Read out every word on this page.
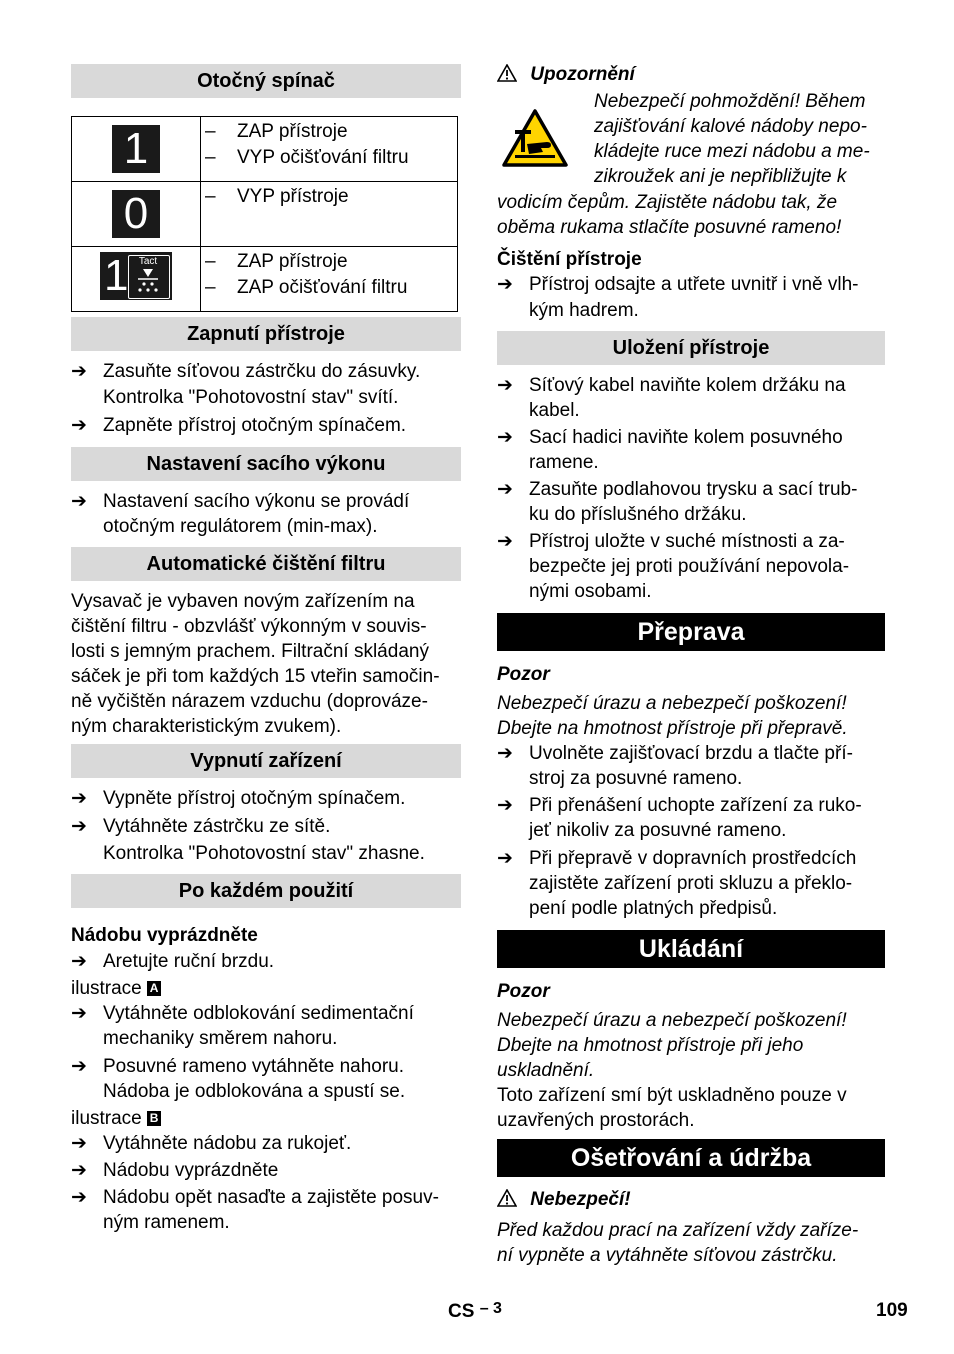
Otočný spínač
1	– ZAP přístroje
– VYP očišťování filtru

0	– VYP přístroje

1 Tact	– ZAP přístroje
– ZAP očišťování filtru
Zapnutí přístroje
➔ Zasuňte síťovou zástrčku do zásuvky.
Kontrolka "Pohotovostní stav" svítí.
➔ Zapněte přístroj otočným spínačem.
Nastavení sacího výkonu
➔ Nastavení sacího výkonu se provádí
otočným regulátorem (min-max).
Automatické čištění filtru
Vysavač je vybaven novým zařízením na
čištění filtru - obzvlášť výkonným v souvis-
losti s jemným prachem. Filtrační skládaný
sáček je při tom každých 15 vteřin samočin-
ně vyčištěn nárazem vzduchu (doprováze-
ným charakteristickým zvukem).
Vypnutí zařízení
➔ Vypněte přístroj otočným spínačem.
➔ Vytáhněte zástrčku ze sítě.
Kontrolka "Pohotovostní stav" zhasne.
Po každém použití
Nádobu vyprázdněte
➔ Aretujte ruční brzdu.
ilustrace A
➔ Vytáhněte odblokování sedimentační
mechaniky směrem nahoru.
➔ Posuvné rameno vytáhněte nahoru.
Nádoba je odblokována a spustí se.
ilustrace B
➔ Vytáhněte nádobu za rukojeť.
➔ Nádobu vyprázdněte
➔ Nádobu opět nasaďte a zajistěte posuv-
ným ramenem.
Upozornění
Nebezpečí pohmoždění! Během
zajišťování kalové nádoby nepo-
kládejte ruce mezi nádobu a me-
zikroužek ani je nepřibližujte k
vodicím čepům. Zajistěte nádobu tak, že
oběma rukama stlačíte posuvné rameno!
Čištění přístroje
➔ Přístroj odsajte a utřete uvnitř i vně vlh-
kým hadrem.
Uložení přístroje
➔ Síťový kabel naviňte kolem držáku na
kabel.
➔ Sací hadici naviňte kolem posuvného
ramene.
➔ Zasuňte podlahovou trysku a sací trub-
ku do příslušného držáku.
➔ Přístroj uložte v suché místnosti a za-
bezpečte jej proti používání nepovola-
nými osobami.
Přeprava
Pozor
Nebezpečí úrazu a nebezpečí poškození!
Dbejte na hmotnost přístroje při přepravě.
➔ Uvolněte zajišťovací brzdu a tlačte pří-
stroj za posuvné rameno.
➔ Při přenášení uchopte zařízení za ruko-
jeť nikoliv za posuvné rameno.
➔ Při přepravě v dopravních prostředcích
zajistěte zařízení proti skluzu a překlo-
pení podle platných předpisů.
Ukládání
Pozor
Nebezpečí úrazu a nebezpečí poškození!
Dbejte na hmotnost přístroje při jeho
uskladnění.
Toto zařízení smí být uskladněno pouze v
uzavřených prostorách.
Ošetřování a údržba
Nebezpečí!
Před každou prací na zařízení vždy zaříze-
ní vypněte a vytáhněte síťovou zástrčku.
CS $^{- 3}$	109
